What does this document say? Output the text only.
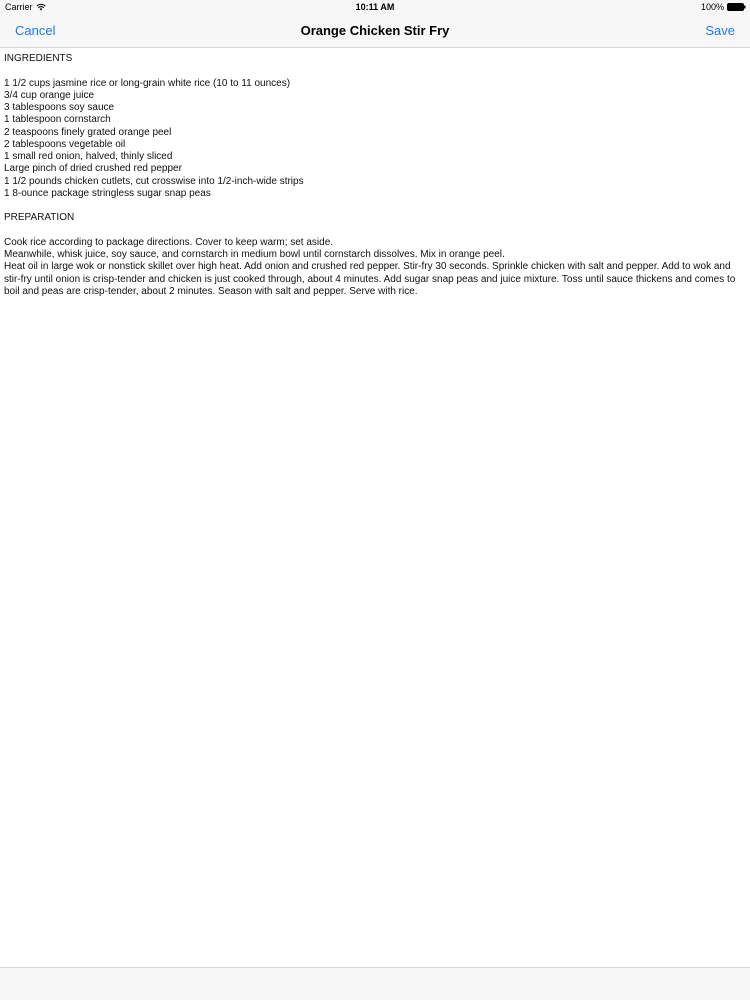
Carrier	10:11 AM	100%
Cancel	Orange Chicken Stir Fry	Save

INGREDIENTS

1 1/2 cups jasmine rice or long-grain white rice (10 to 11 ounces)

3/4 cup orange juice

3 tablespoons soy sauce

1 tablespoon cornstarch

2 teaspoons finely grated orange peel

2 tablespoons vegetable oil

1 small red onion, halved, thinly sliced

Large pinch of dried crushed red pepper

1 1/2 pounds chicken cutlets, cut crosswise into 1/2-inch-wide strips

1 8-ounce package stringless sugar snap peas

PREPARATION

Cook rice according to package directions. Cover to keep warm; set aside.

Meanwhile, whisk juice, soy sauce, and cornstarch in medium bowl until cornstarch dissolves. Mix in orange peel.

Heat oil in large wok or nonstick skillet over high heat. Add onion and crushed red pepper. Stir-fry 30 seconds. Sprinkle chicken with salt and pepper. Add to wok and stir-fry until onion is crisp-tender and chicken is just cooked through, about 4 minutes. Add sugar snap peas and juice mixture. Toss until sauce thickens and comes to boil and peas are crisp-tender, about 2 minutes. Season with salt and pepper. Serve with rice.
